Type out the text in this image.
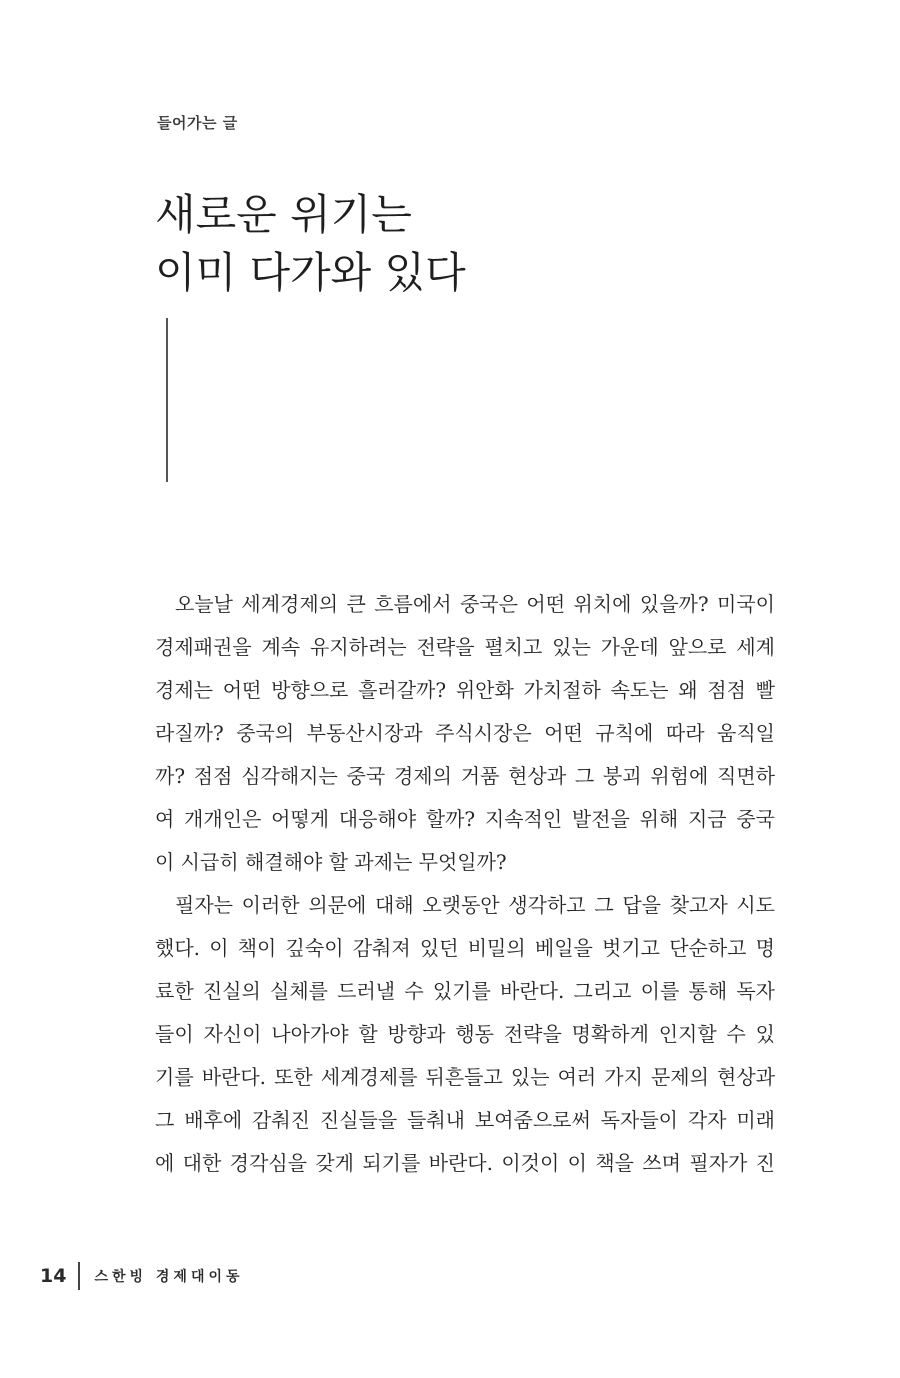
들어가는 글
새로운 위기는
이미 다가와 있다
오늘날 세계경제의 큰 흐름에서 중국은 어떤 위치에 있을까? 미국이
경제패권을 계속 유지하려는 전략을 펼치고 있는 가운데 앞으로 세계
경제는 어떤 방향으로 흘러갈까? 위안화 가치절하 속도는 왜 점점 빨
라질까? 중국의 부동산시장과 주식시장은 어떤 규칙에 따라 움직일
까? 점점 심각해지는 중국 경제의 거품 현상과 그 붕괴 위험에 직면하
여 개개인은 어떻게 대응해야 할까? 지속적인 발전을 위해 지금 중국
이 시급히 해결해야 할 과제는 무엇일까?
필자는 이러한 의문에 대해 오랫동안 생각하고 그 답을 찾고자 시도
했다. 이 책이 깊숙이 감춰져 있던 비밀의 베일을 벗기고 단순하고 명
료한 진실의 실체를 드러낼 수 있기를 바란다. 그리고 이를 통해 독자
들이 자신이 나아가야 할 방향과 행동 전략을 명확하게 인지할 수 있
기를 바란다. 또한 세계경제를 뒤흔들고 있는 여러 가지 문제의 현상과
그 배후에 감춰진 진실들을 들춰내 보여줌으로써 독자들이 각자 미래
에 대한 경각심을 갖게 되기를 바란다. 이것이 이 책을 쓰며 필자가 진
14 스한빙 경제대이동
